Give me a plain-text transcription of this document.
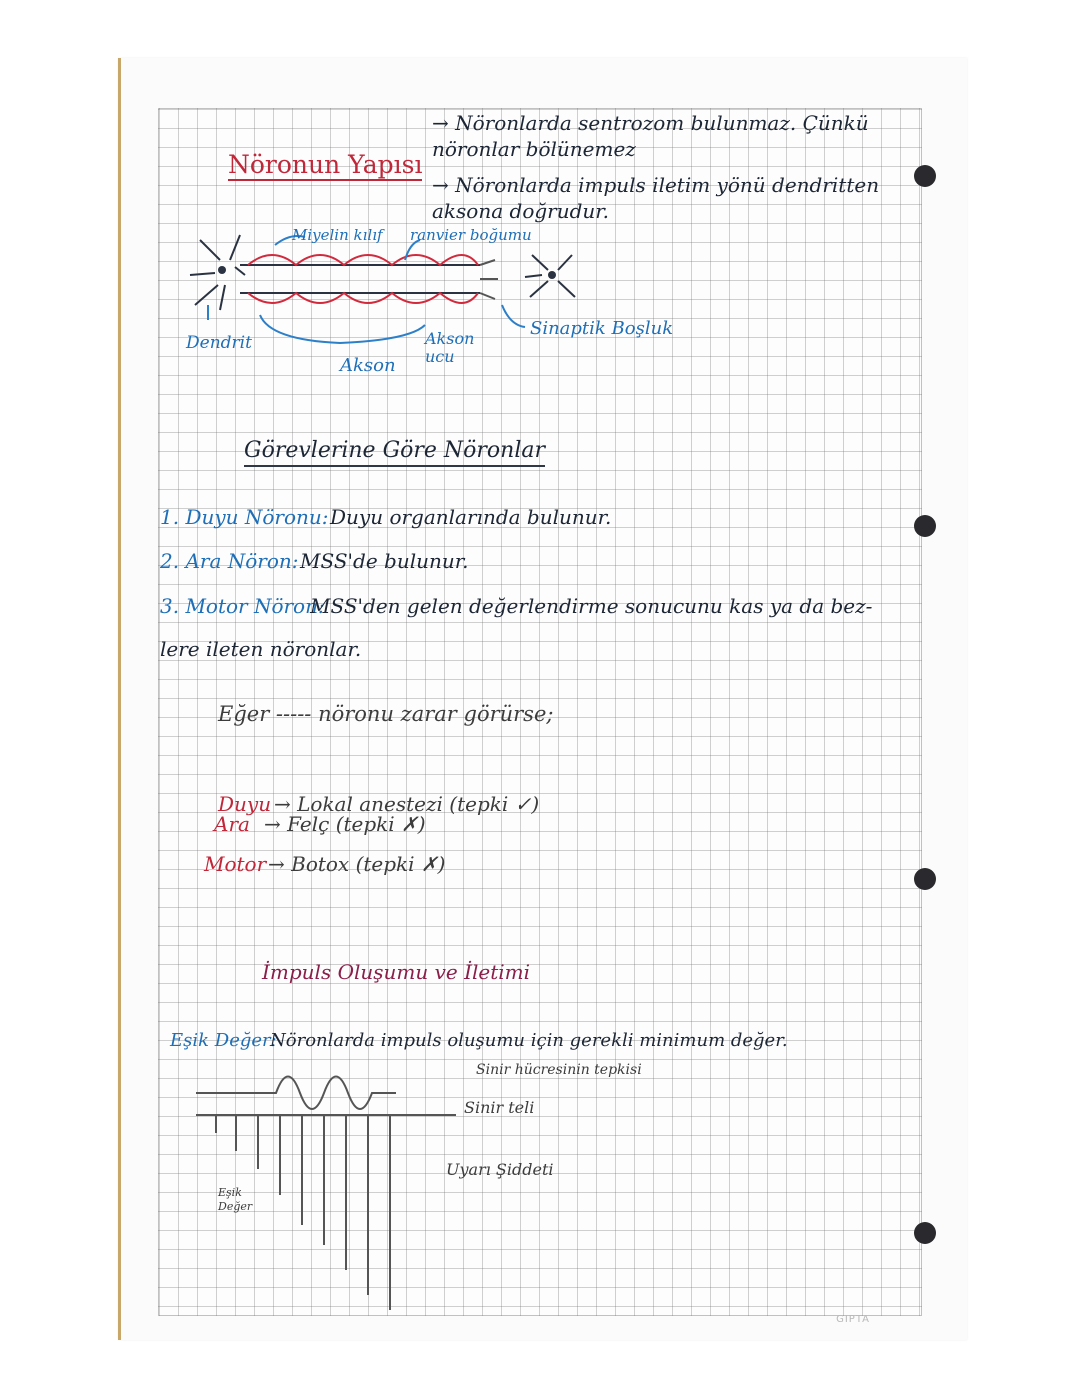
→ Nöronlarda sentrozom bulunmaz. Çünkü nöronlar bölünemez
→ Nöronlarda impuls iletim yönü dendritten aksona doğrudur.
Nöronun Yapısı
Miyelin kılıf ranvier boğumu
Dendrit
Akson
Akson ucu
Sinaptik Boşluk
Görevlerine Göre Nöronlar
1. Duyu Nöronu: Duyu organlarında bulunur.
2. Ara Nöron: MSS'de bulunur.
3. Motor Nöron:
MSS'den gelen değerlendirme sonucunu kas ya da bez-
lere ileten nöronlar.
Eğer ----- nöronu zarar görürse;
Duyu → Lokal anestezi (tepki ✓)
Ara → Felç (tepki ✗)
Motor → Botox (tepki ✗)
İmpuls Oluşumu ve İletimi
Eşik Değer:
Nöronlarda impuls oluşumu için gerekli minimum değer.
Sinir hücresinin tepkisi
Sinir teli
Uyarı Şiddeti
Eşik Değer
GIPTA
